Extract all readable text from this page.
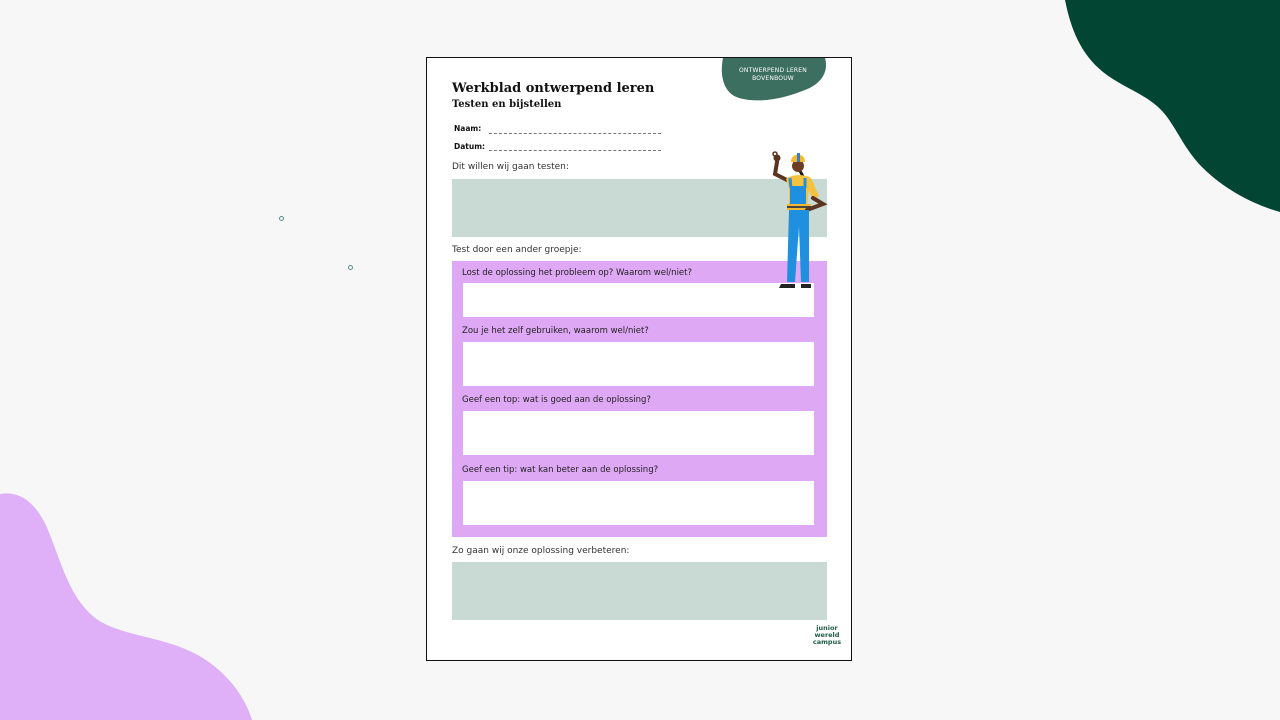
ONTWERPEND LEREN BOVENBOUW
Werkblad ontwerpend leren
Testen en bijstellen
Naam:
Datum:
Dit willen wij gaan testen:
Test door een ander groepje:
Lost de oplossing het probleem op? Waarom wel/niet?
Zou je het zelf gebruiken, waarom wel/niet?
Geef een top: wat is goed aan de oplossing?
Geef een tip: wat kan beter aan de oplossing?
Zo gaan wij onze oplossing verbeteren:
junior
wereld
campus
